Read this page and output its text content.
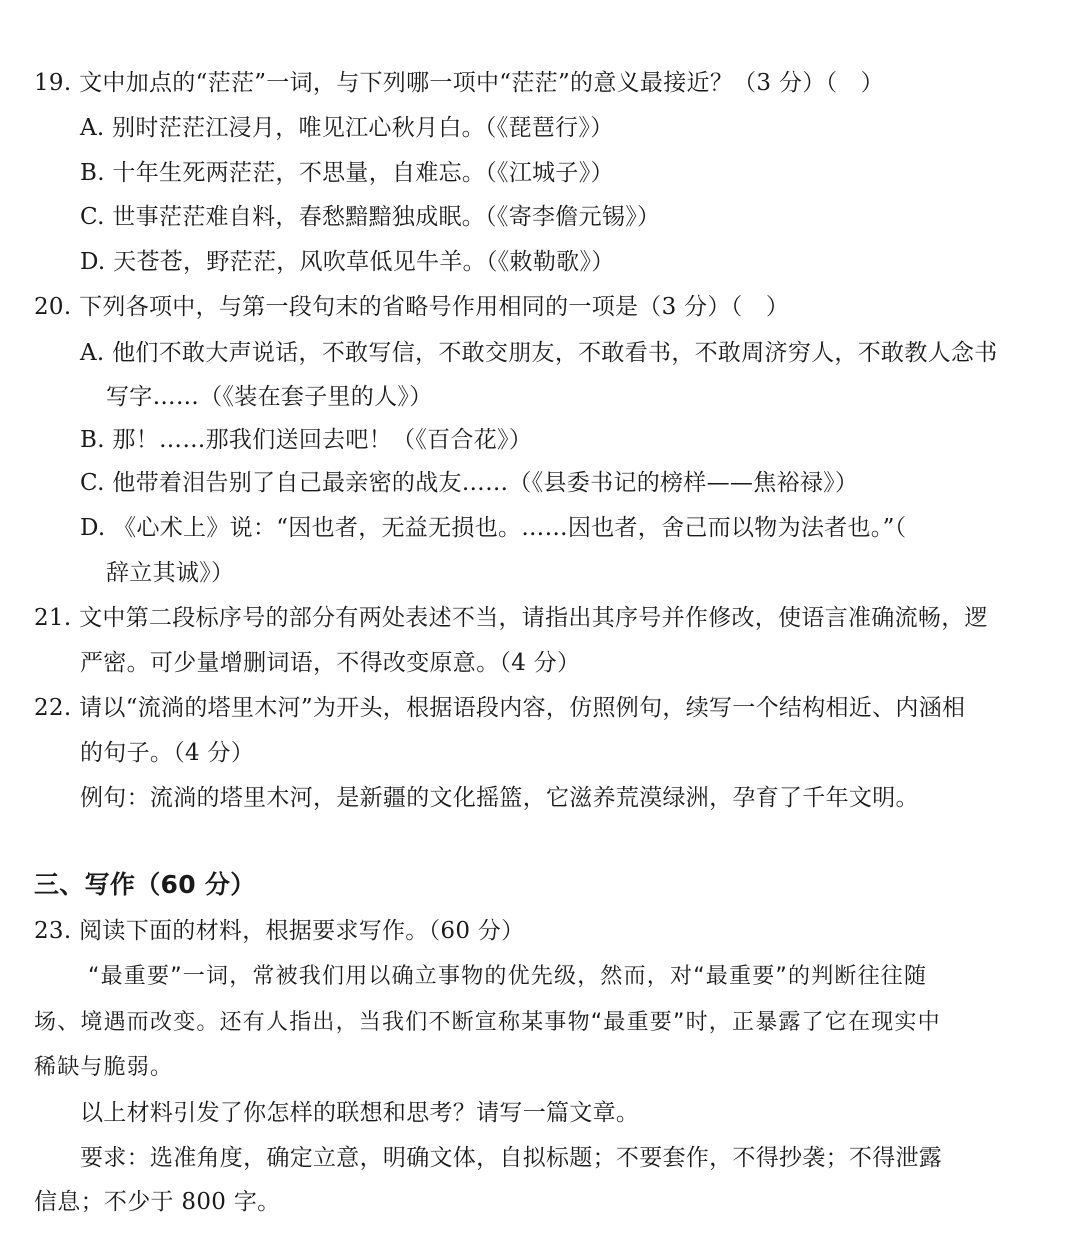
19. 文中加点的“茫茫”一词，与下列哪一项中“茫茫”的意义最接近？（3 分）（　）
A. 别时茫茫江浸月，唯见江心秋月白。（《琵琶行》）
B. 十年生死两茫茫，不思量，自难忘。（《江城子》）
C. 世事茫茫难自料，春愁黯黯独成眠。（《寄李儋元锡》）
D. 天苍苍，野茫茫，风吹草低见牛羊。（《敕勒歌》）
20. 下列各项中，与第一段句末的省略号作用相同的一项是（3 分）（　）
A. 他们不敢大声说话，不敢写信，不敢交朋友，不敢看书，不敢周济穷人，不敢教人念书
写字……（《装在套子里的人》）
B. 那！……那我们送回去吧！（《百合花》）
C. 他带着泪告别了自己最亲密的战友……（《县委书记的榜样——焦裕禄》）
D. 《心术上》说：“因也者，无益无损也。……因也者，舍己而以物为法者也。”（
辞立其诚》）
21. 文中第二段标序号的部分有两处表述不当，请指出其序号并作修改，使语言准确流畅，逻
严密。可少量增删词语，不得改变原意。（4 分）
22. 请以“流淌的塔里木河”为开头，根据语段内容，仿照例句，续写一个结构相近、内涵相
的句子。（4 分）
例句：流淌的塔里木河，是新疆的文化摇篮，它滋养荒漠绿洲，孕育了千年文明。
三、写作（60 分）
23. 阅读下面的材料，根据要求写作。（60 分）
“最重要”一词，常被我们用以确立事物的优先级，然而，对“最重要”的判断往往随
场、境遇而改变。还有人指出，当我们不断宣称某事物“最重要”时，正暴露了它在现实中
稀缺与脆弱。
以上材料引发了你怎样的联想和思考？请写一篇文章。
要求：选准角度，确定立意，明确文体，自拟标题；不要套作，不得抄袭；不得泄露
信息；不少于 800 字。
